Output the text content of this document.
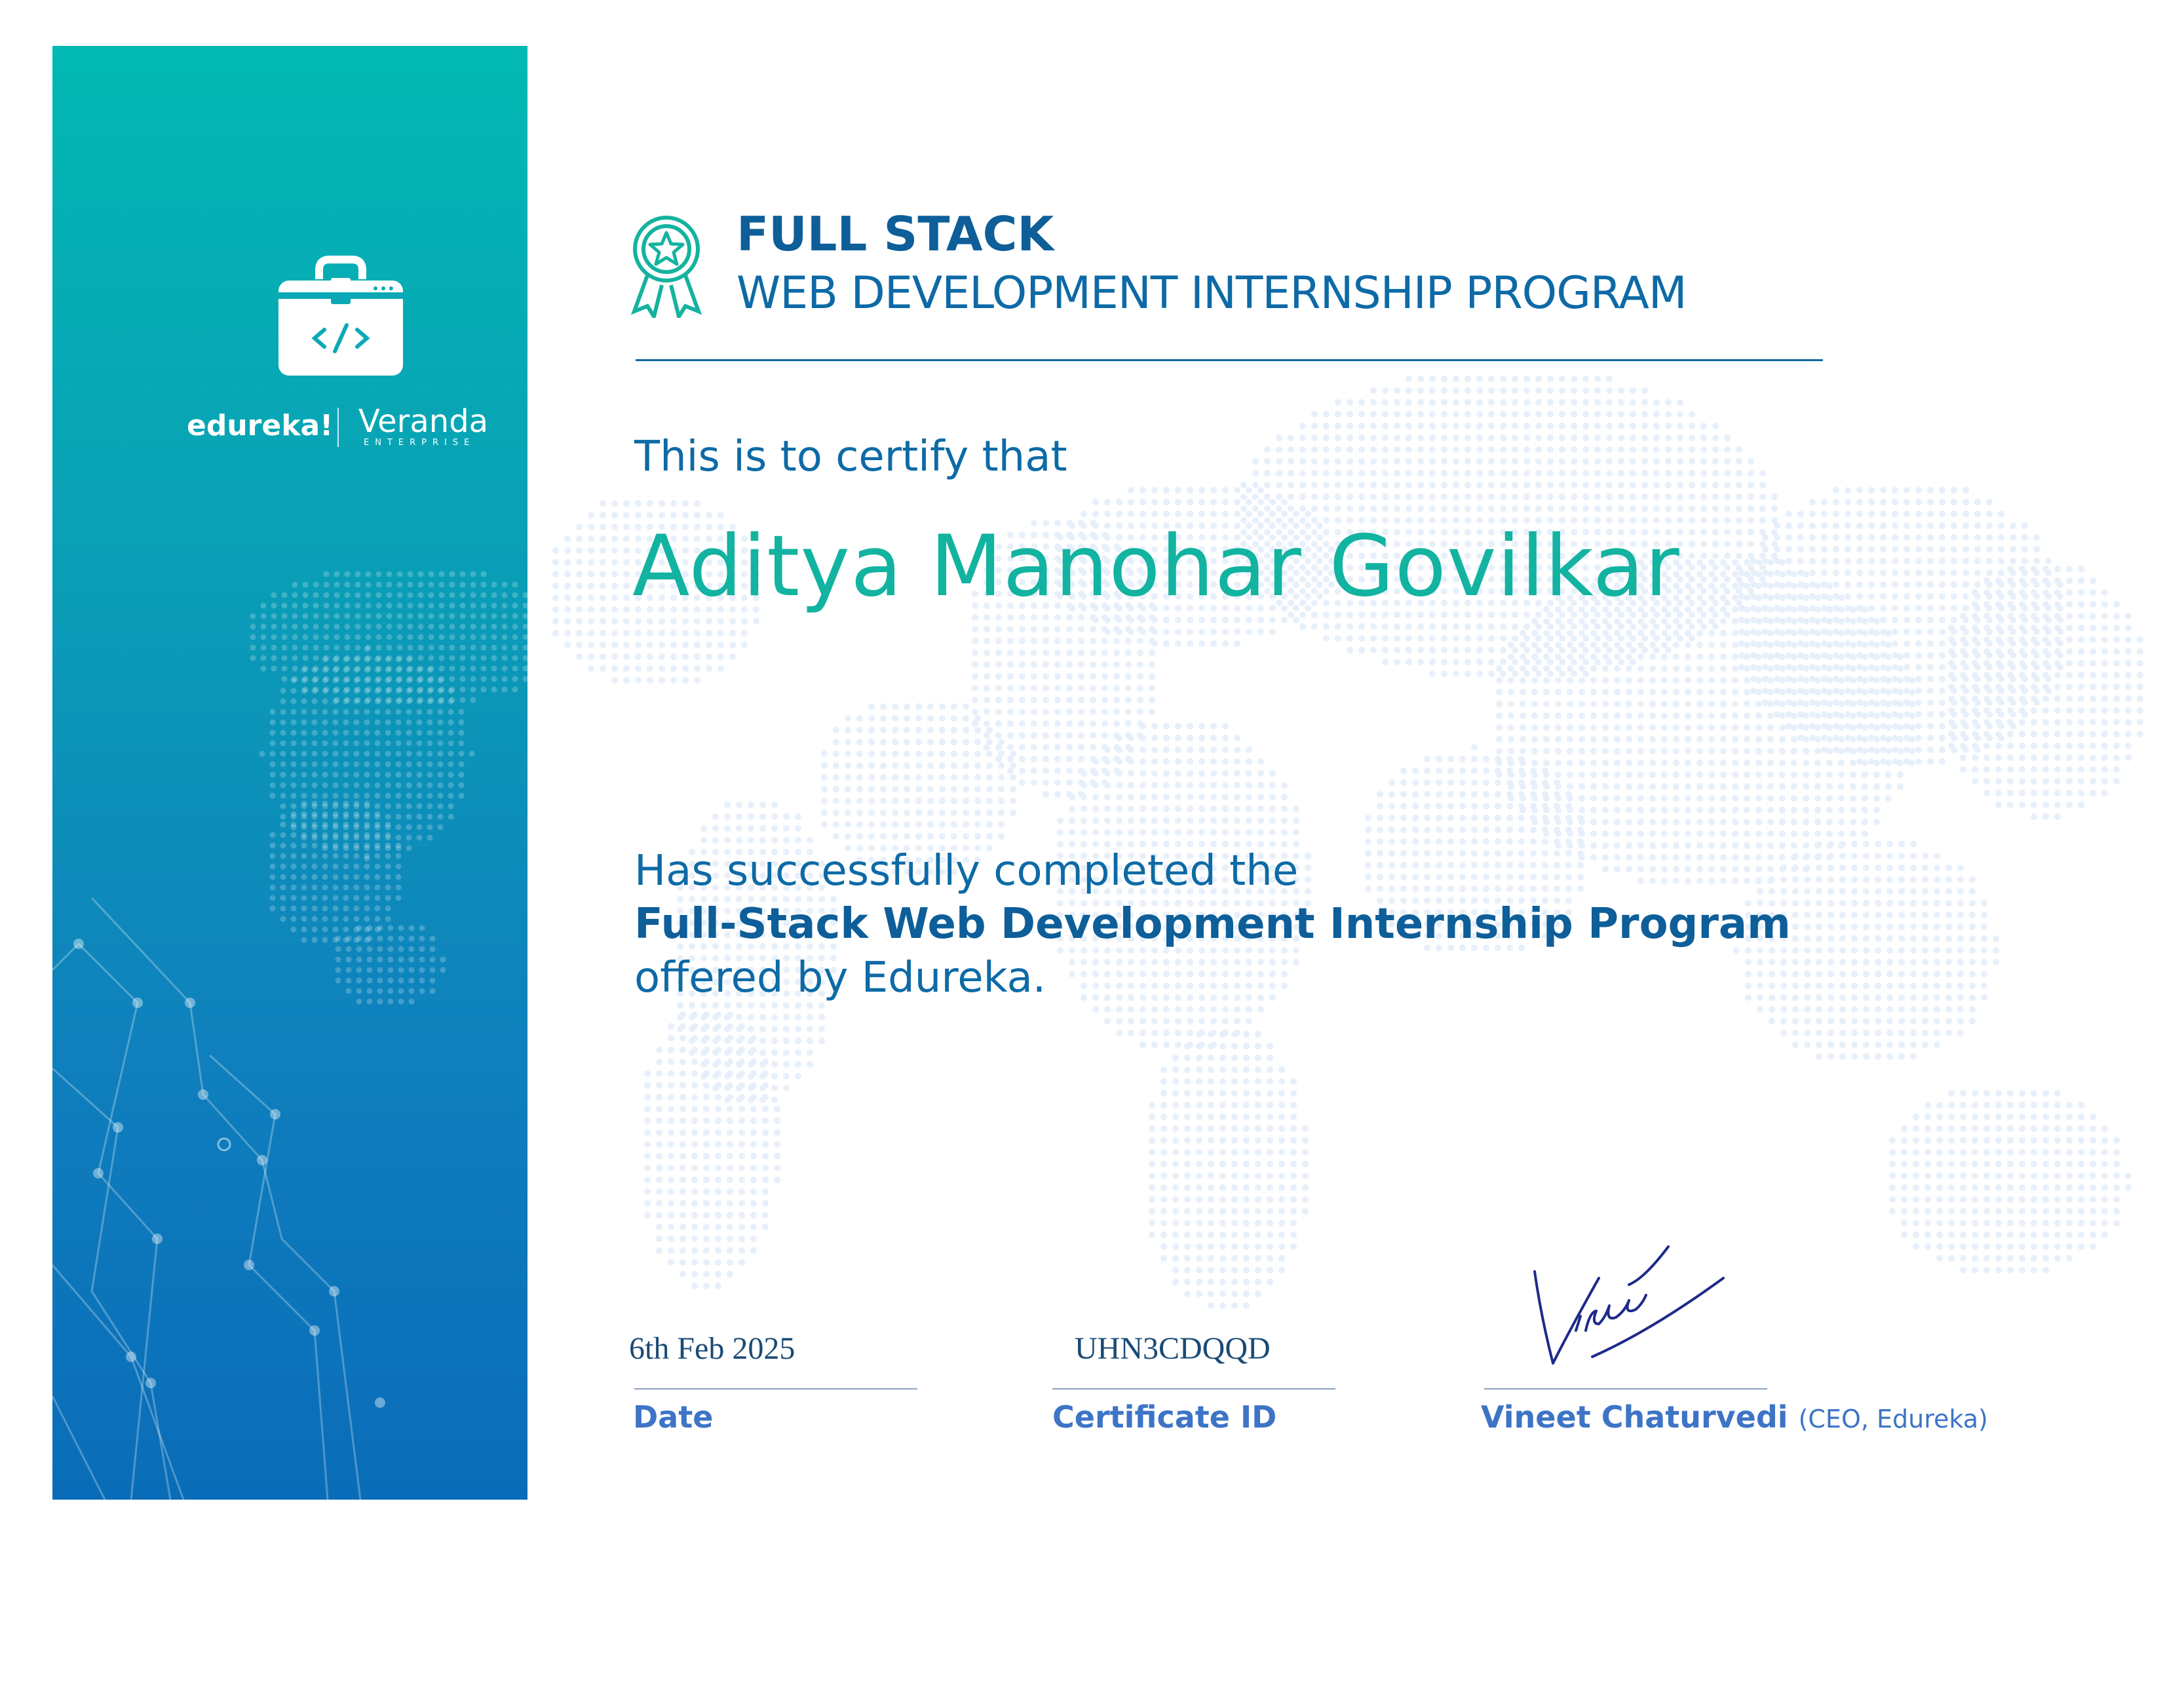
edureka! Veranda
ENTERPRISE
FULL STACK
WEB DEVELOPMENT INTERNSHIP PROGRAM
This is to certify that
Aditya Manohar Govilkar
Has successfully completed the
Full-Stack Web Development Internship Program
offered by Edureka.
6th Feb 2025
Date
UHN3CDQQD
Certificate ID	Vineet Chaturvedi (CEO, Edureka)
